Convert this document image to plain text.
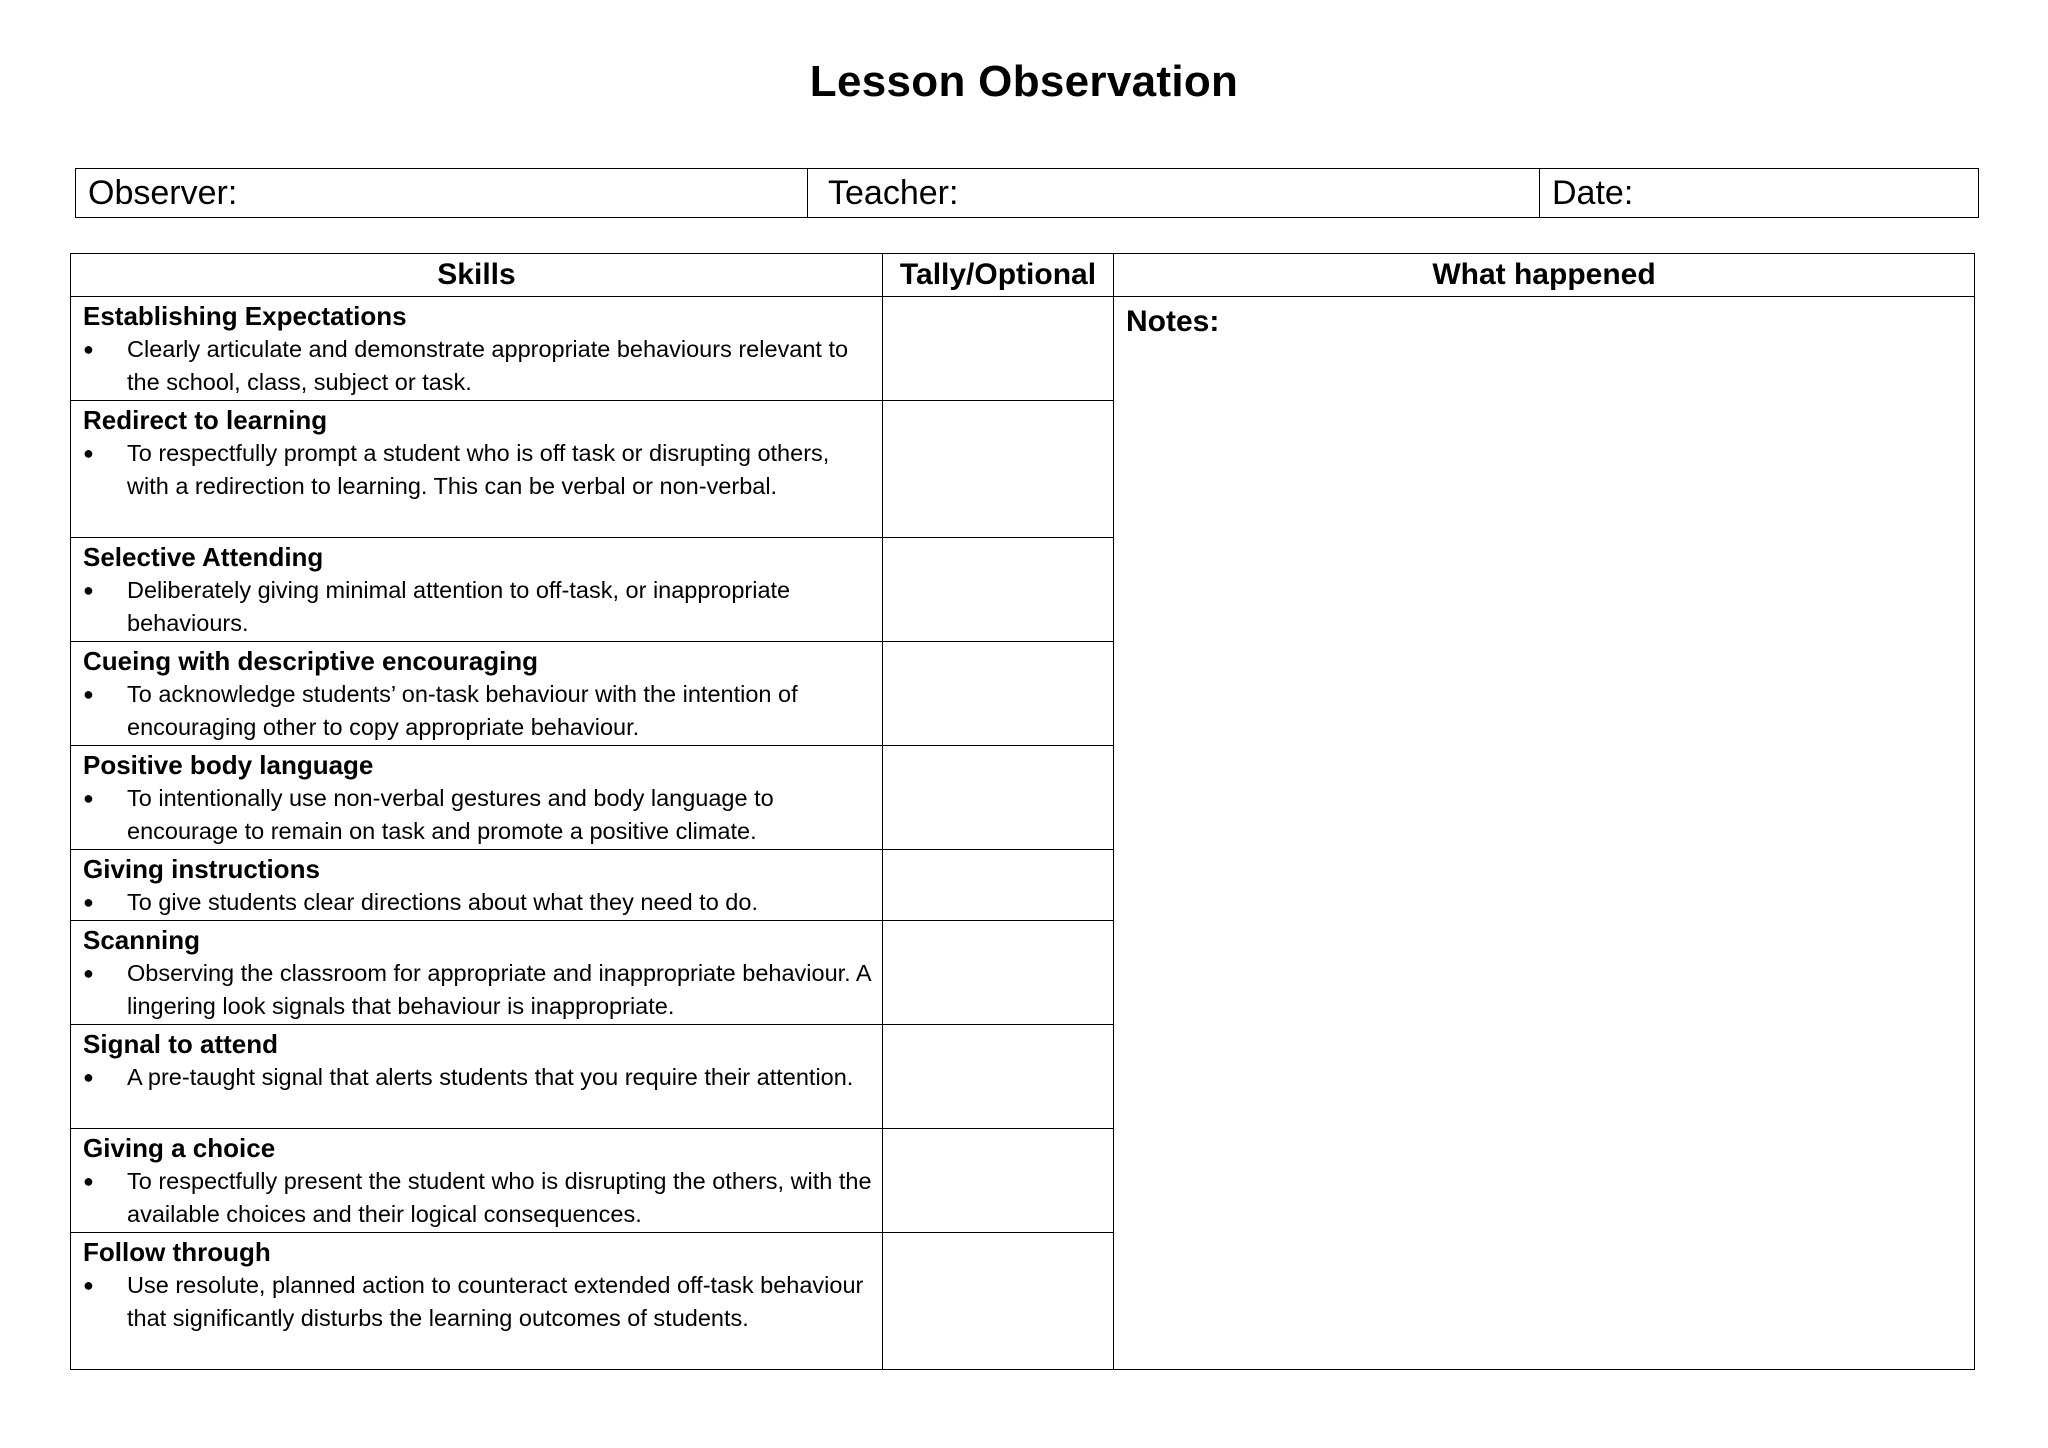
Lesson Observation
Observer:	Teacher:	Date:
Skills	Tally/Optional	What happened

Establishing Expectations
● Clearly articulate and demonstrate appropriate behaviours relevant to the school, class, subject or task.		Notes:

Redirect to learning
● To respectfully prompt a student who is off task or disrupting others, with a redirection to learning. This can be verbal or non-verbal.		

Selective Attending
● Deliberately giving minimal attention to off-task, or inappropriate behaviours.		

Cueing with descriptive encouraging
● To acknowledge students’ on-task behaviour with the intention of encouraging other to copy appropriate behaviour.		

Positive body language
● To intentionally use non-verbal gestures and body language to encourage to remain on task and promote a positive climate.		

Giving instructions
● To give students clear directions about what they need to do.		

Scanning
● Observing the classroom for appropriate and inappropriate behaviour. A lingering look signals that behaviour is inappropriate.		

Signal to attend
● A pre-taught signal that alerts students that you require their attention.		

Giving a choice
● To respectfully present the student who is disrupting the others, with the available choices and their logical consequences.		

Follow through
● Use resolute, planned action to counteract extended off-task behaviour that significantly disturbs the learning outcomes of students.		
